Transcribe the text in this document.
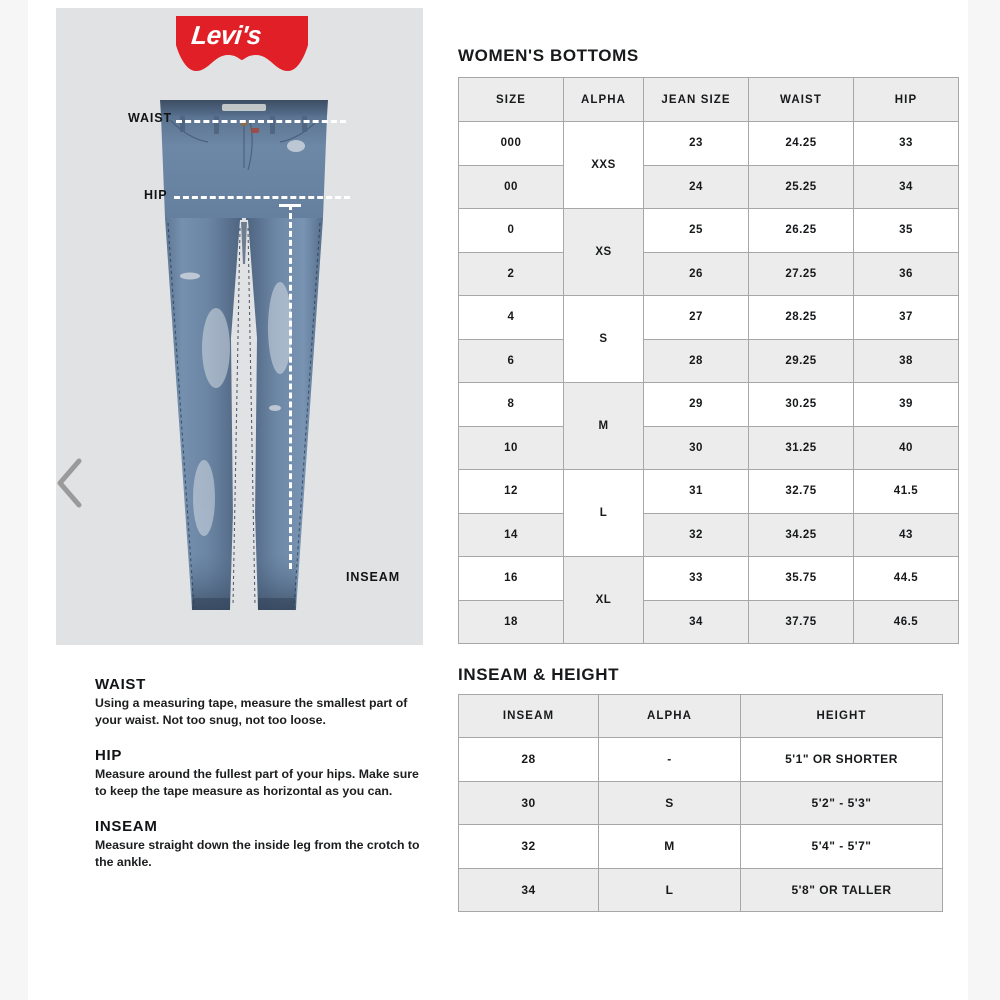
Levi's R
WAIST
HIP
INSEAM

WAIST

Using a measuring tape, measure the smallest part of your waist. Not too snug, not too loose.

HIP

Measure around the fullest part of your hips. Make sure to keep the tape measure as horizontal as you can.

INSEAM

Measure straight down the inside leg from the crotch to the ankle.

WOMEN'S BOTTOMS
SIZE	ALPHA	JEAN SIZE	WAIST	HIP
000	XXS	23	24.25	33
00		24	25.25	34
0	XS	25	26.25	35
2		26	27.25	36
4	S	27	28.25	37
6		28	29.25	38
8	M	29	30.25	39
10		30	31.25	40
12	L	31	32.75	41.5
14		32	34.25	43
16	XL	33	35.75	44.5
18		34	37.75	46.5
INSEAM & HEIGHT
INSEAM	ALPHA	HEIGHT
28	-	5'1" OR SHORTER
30	S	5'2" - 5'3"
32	M	5'4" - 5'7"
34	L	5'8" OR TALLER
